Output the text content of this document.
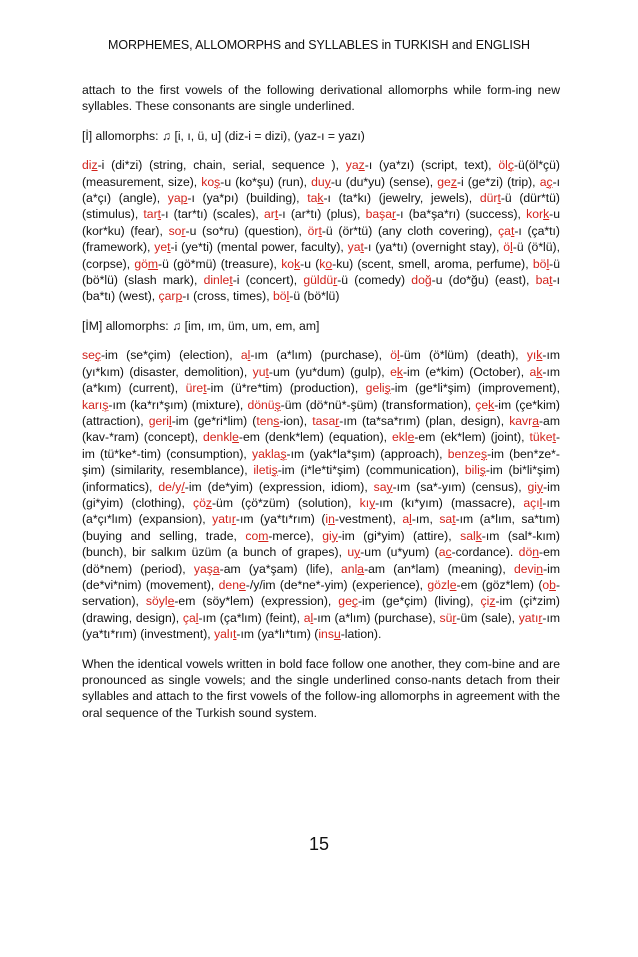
MORPHEMES, ALLOMORPHS and SYLLABLES in TURKISH and ENGLISH

attach to the first vowels of the following derivational allomorphs while form-ing new syllables. These consonants are single underlined.

[İ] allomorphs: ♫ [i, ı, ü, u] (diz-i = dizi), (yaz-ı = yazı)

diz-i (di*zi) (string, chain, serial, sequence ), yaz-ı (ya*zı) (script, text), ölç-ü(öl*çü) (measurement, size), koş-u (ko*şu) (run), duy-u (du*yu) (sense), gez-i (ge*zi) (trip), aç-ı (a*çı) (angle), yap-ı (ya*pı) (building), tak-ı (ta*kı) (jewelry, jewels), dürt-ü (dür*tü) (stimulus), tart-ı (tar*tı) (scales), art-ı (ar*tı) (plus), başar-ı (ba*şa*rı) (success), kork-u (kor*ku) (fear), sor-u (so*ru) (question), ört-ü (ör*tü) (any cloth covering), çat-ı (ça*tı) (framework), yet-i (ye*ti) (mental power, faculty), yat-ı (ya*tı) (overnight stay), öl-ü (ö*lü), (corpse), göm-ü (gö*mü) (treasure), kok-u (ko-ku) (scent, smell, aroma, perfume), böl-ü (bö*lü) (slash mark), dinlet-i (concert), güldür-ü (comedy) doğ-u (do*ğu) (east), bat-ı (ba*tı) (west), çarp-ı (cross, times), böl-ü (bö*lü)

[İM] allomorphs: ♫ [im, ım, üm, um, em, am]

seç-im (se*çim) (election), al-ım (a*lım) (purchase), öl-üm (ö*lüm) (death), yık-ım (yı*kım) (disaster, demolition), yut-um (yu*dum) (gulp), ek-im (e*kim) (October), ak-ım (a*kım) (current), üret-im (ü*re*tim) (production), geliş-im (ge*li*şim) (improvement), karış-ım (ka*rı*şım) (mixture), dönüş-üm (dö*nü*-şüm) (transformation), çek-im (çe*kim) (attraction), geril-im (ge*ri*lim) (tens-ion), tasar-ım (ta*sa*rım) (plan, design), kavra-am (kav-*ram) (concept), denkle-em (denk*lem) (equation), ekle-em (ek*lem) (joint), tüket-im (tü*ke*-tim) (consumption), yaklaş-ım (yak*la*şım) (approach), benzeş-im (ben*ze*-şim) (similarity, resemblance), iletiş-im (i*le*ti*şim) (communication), biliş-im (bi*li*şim) (informatics), de/y/-im (de*yim) (expression, idiom), say-ım (sa*-yım) (census), giy-im (gi*yim) (clothing), çöz-üm (çö*züm) (solution), kıy-ım (kı*yım) (massacre), açıl-ım (a*çı*lım) (expansion), yatır-ım (ya*tı*rım) (in-vestment), al-ım, sat-ım (a*lım, sa*tım) (buying and selling, trade, com-merce), giy-im (gi*yim) (attire), salk-ım (sal*-kım) (bunch), bir salkım üzüm (a bunch of grapes), uy-um (u*yum) (ac-cordance). dön-em (dö*nem) (period), yaşa-am (ya*şam) (life), anla-am (an*lam) (meaning), devin-im (de*vi*nim) (movement), dene-/y/im (de*ne*-yim) (experience), gözle-em (göz*lem) (ob-servation), söyle-em (söy*lem) (expression), geç-im (ge*çim) (living), çiz-im (çi*zim) (drawing, design), çal-ım (ça*lım) (feint), al-ım (a*lım) (purchase), sür-üm (sale), yatır-ım (ya*tı*rım) (investment), yalıt-ım (ya*lı*tım) (insu-lation).

When the identical vowels written in bold face follow one another, they com-bine and are pronounced as single vowels; and the single underlined conso-nants detach from their syllables and attach to the first vowels of the follow-ing allomorphs in agreement with the oral sequence of the Turkish sound system.

15
